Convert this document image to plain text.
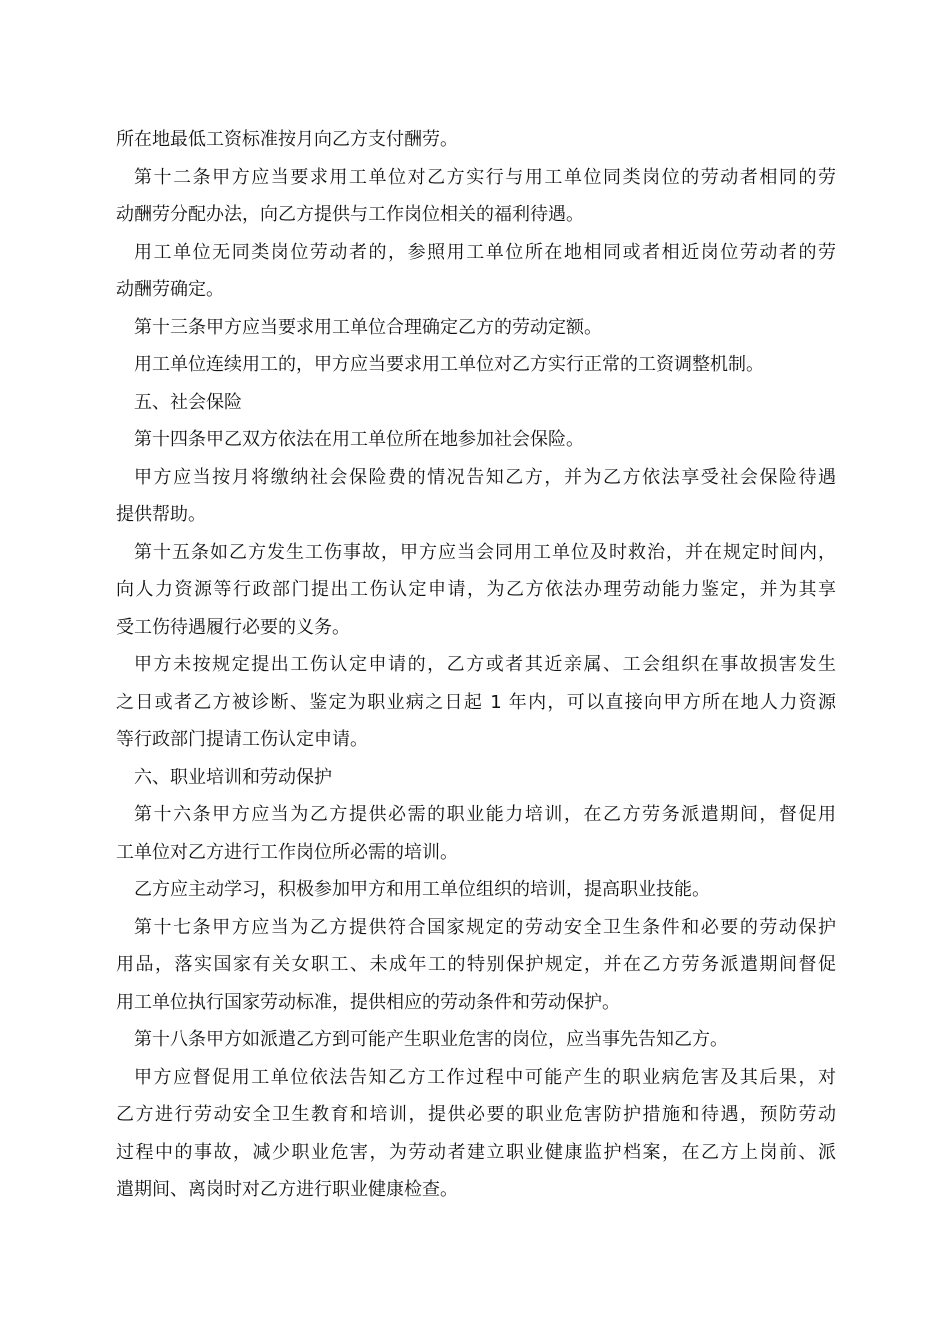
所在地最低工资标准按月向乙方支付酬劳。

第十二条甲方应当要求用工单位对乙方实行与用工单位同类岗位的劳动者相同的劳
动酬劳分配办法，向乙方提供与工作岗位相关的福利待遇。

用工单位无同类岗位劳动者的，参照用工单位所在地相同或者相近岗位劳动者的劳
动酬劳确定。

第十三条甲方应当要求用工单位合理确定乙方的劳动定额。

用工单位连续用工的，甲方应当要求用工单位对乙方实行正常的工资调整机制。

五、社会保险

第十四条甲乙双方依法在用工单位所在地参加社会保险。

甲方应当按月将缴纳社会保险费的情况告知乙方，并为乙方依法享受社会保险待遇
提供帮助。

第十五条如乙方发生工伤事故，甲方应当会同用工单位及时救治，并在规定时间内，
向人力资源等行政部门提出工伤认定申请，为乙方依法办理劳动能力鉴定，并为其享
受工伤待遇履行必要的义务。

甲方未按规定提出工伤认定申请的，乙方或者其近亲属、工会组织在事故损害发生
之日或者乙方被诊断、鉴定为职业病之日起 1 年内，可以直接向甲方所在地人力资源
等行政部门提请工伤认定申请。

六、职业培训和劳动保护

第十六条甲方应当为乙方提供必需的职业能力培训，在乙方劳务派遣期间，督促用
工单位对乙方进行工作岗位所必需的培训。

乙方应主动学习，积极参加甲方和用工单位组织的培训，提高职业技能。

第十七条甲方应当为乙方提供符合国家规定的劳动安全卫生条件和必要的劳动保护
用品，落实国家有关女职工、未成年工的特别保护规定，并在乙方劳务派遣期间督促
用工单位执行国家劳动标准，提供相应的劳动条件和劳动保护。

第十八条甲方如派遣乙方到可能产生职业危害的岗位，应当事先告知乙方。

甲方应督促用工单位依法告知乙方工作过程中可能产生的职业病危害及其后果，对
乙方进行劳动安全卫生教育和培训，提供必要的职业危害防护措施和待遇，预防劳动
过程中的事故，减少职业危害，为劳动者建立职业健康监护档案，在乙方上岗前、派
遣期间、离岗时对乙方进行职业健康检查。
